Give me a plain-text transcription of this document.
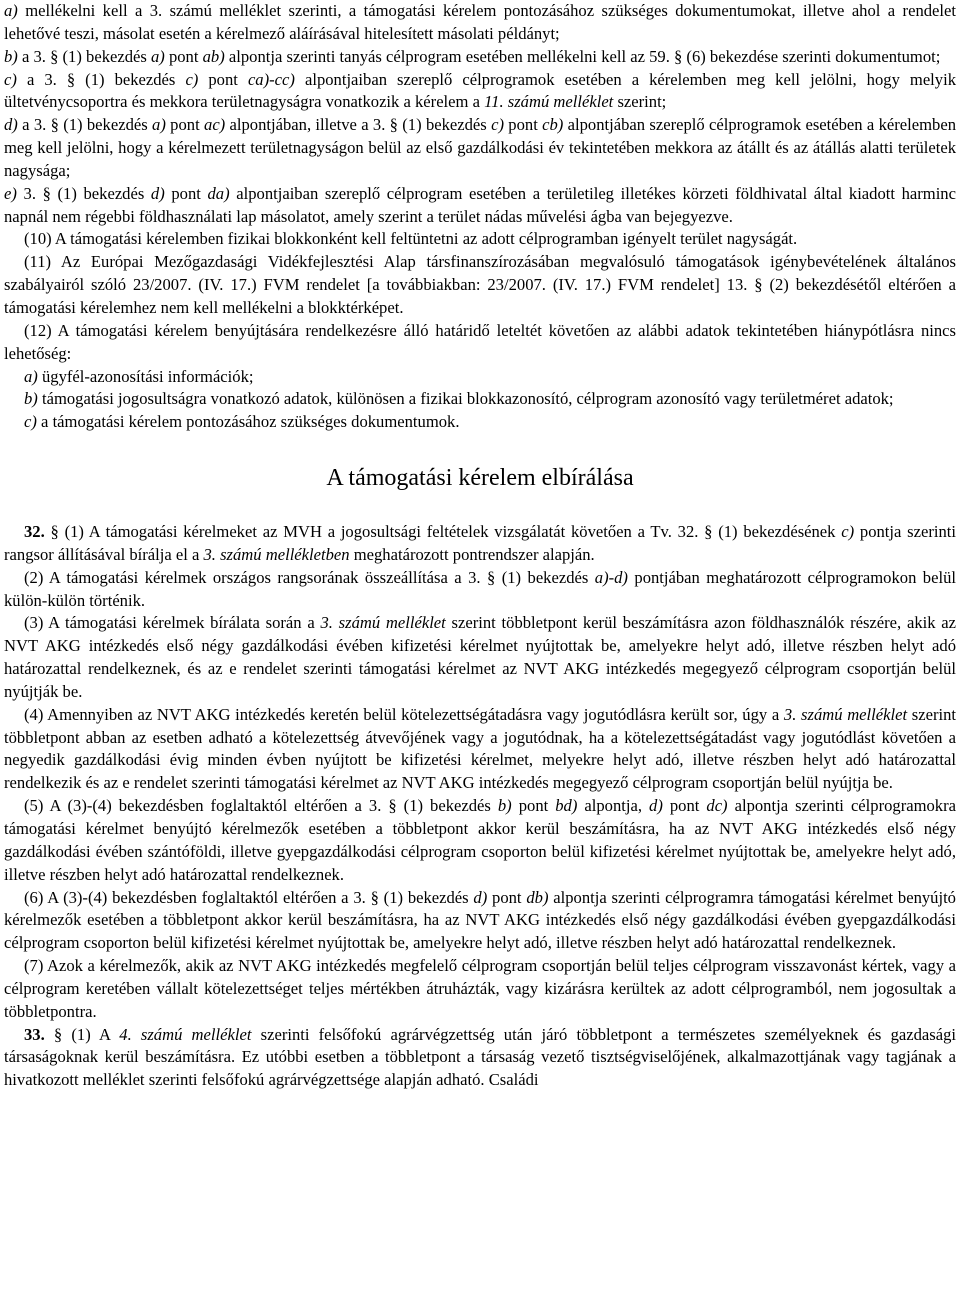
a) mellékelni kell a 3. számú melléklet szerinti, a támogatási kérelem pontozásához szükséges dokumentumokat, illetve ahol a rendelet lehetővé teszi, másolat esetén a kérelmező aláírásával hitelesített másolati példányt;

b) a 3. § (1) bekezdés a) pont ab) alpontja szerinti tanyás célprogram esetében mellékelni kell az 59. § (6) bekezdése szerinti dokumentumot;

c) a 3. § (1) bekezdés c) pont ca)-cc) alpontjaiban szereplő célprogramok esetében a kérelemben meg kell jelölni, hogy melyik ültetvénycsoportra és mekkora területnagyságra vonatkozik a kérelem a 11. számú melléklet szerint;

d) a 3. § (1) bekezdés a) pont ac) alpontjában, illetve a 3. § (1) bekezdés c) pont cb) alpontjában szereplő célprogramok esetében a kérelemben meg kell jelölni, hogy a kérelmezett területnagyságon belül az első gazdálkodási év tekintetében mekkora az átállt és az átállás alatti területek nagysága;

e) 3. § (1) bekezdés d) pont da) alpontjaiban szereplő célprogram esetében a területileg illetékes körzeti földhivatal által kiadott harminc napnál nem régebbi földhasználati lap másolatot, amely szerint a terület nádas művelési ágba van bejegyezve.

(10) A támogatási kérelemben fizikai blokkonként kell feltüntetni az adott célprogramban igényelt terület nagyságát.

(11) Az Európai Mezőgazdasági Vidékfejlesztési Alap társfinanszírozásában megvalósuló támogatások igénybevételének általános szabályairól szóló 23/2007. (IV. 17.) FVM rendelet [a továbbiakban: 23/2007. (IV. 17.) FVM rendelet] 13. § (2) bekezdésétől eltérően a támogatási kérelemhez nem kell mellékelni a blokktérképet.

(12) A támogatási kérelem benyújtására rendelkezésre álló határidő leteltét követően az alábbi adatok tekintetében hiánypótlásra nincs lehetőség:

a) ügyfél-azonosítási információk;

b) támogatási jogosultságra vonatkozó adatok, különösen a fizikai blokkazonosító, célprogram azonosító vagy területméret adatok;

c) a támogatási kérelem pontozásához szükséges dokumentumok.

A támogatási kérelem elbírálása

32. § (1) A támogatási kérelmeket az MVH a jogosultsági feltételek vizsgálatát követően a Tv. 32. § (1) bekezdésének c) pontja szerinti rangsor állításával bírálja el a 3. számú mellékletben meghatározott pontrendszer alapján.

(2) A támogatási kérelmek országos rangsorának összeállítása a 3. § (1) bekezdés a)-d) pontjában meghatározott célprogramokon belül külön-külön történik.

(3) A támogatási kérelmek bírálata során a 3. számú melléklet szerint többletpont kerül beszámításra azon földhasználók részére, akik az NVT AKG intézkedés első négy gazdálkodási évében kifizetési kérelmet nyújtottak be, amelyekre helyt adó, illetve részben helyt adó határozattal rendelkeznek, és az e rendelet szerinti támogatási kérelmet az NVT AKG intézkedés megegyező célprogram csoportján belül nyújtják be.

(4) Amennyiben az NVT AKG intézkedés keretén belül kötelezettségátadásra vagy jogutódlásra került sor, úgy a 3. számú melléklet szerint többletpont abban az esetben adható a kötelezettség átvevőjének vagy a jogutódnak, ha a kötelezettségátadást vagy jogutódlást követően a negyedik gazdálkodási évig minden évben nyújtott be kifizetési kérelmet, melyekre helyt adó, illetve részben helyt adó határozattal rendelkezik és az e rendelet szerinti támogatási kérelmet az NVT AKG intézkedés megegyező célprogram csoportján belül nyújtja be.

(5) A (3)-(4) bekezdésben foglaltaktól eltérően a 3. § (1) bekezdés b) pont bd) alpontja, d) pont dc) alpontja szerinti célprogramokra támogatási kérelmet benyújtó kérelmezők esetében a többletpont akkor kerül beszámításra, ha az NVT AKG intézkedés első négy gazdálkodási évében szántóföldi, illetve gyepgazdálkodási célprogram csoporton belül kifizetési kérelmet nyújtottak be, amelyekre helyt adó, illetve részben helyt adó határozattal rendelkeznek.

(6) A (3)-(4) bekezdésben foglaltaktól eltérően a 3. § (1) bekezdés d) pont db) alpontja szerinti célprogramra támogatási kérelmet benyújtó kérelmezők esetében a többletpont akkor kerül beszámításra, ha az NVT AKG intézkedés első négy gazdálkodási évében gyepgazdálkodási célprogram csoporton belül kifizetési kérelmet nyújtottak be, amelyekre helyt adó, illetve részben helyt adó határozattal rendelkeznek.

(7) Azok a kérelmezők, akik az NVT AKG intézkedés megfelelő célprogram csoportján belül teljes célprogram visszavonást kértek, vagy a célprogram keretében vállalt kötelezettséget teljes mértékben átruházták, vagy kizárásra kerültek az adott célprogramból, nem jogosultak a többletpontra.

33. § (1) A 4. számú melléklet szerinti felsőfokú agrárvégzettség után járó többletpont a természetes személyeknek és gazdasági társaságoknak kerül beszámításra. Ez utóbbi esetben a többletpont a társaság vezető tisztségviselőjének, alkalmazottjának vagy tagjának a hivatkozott melléklet szerinti felsőfokú agrárvégzettsége alapján adható. Családi
